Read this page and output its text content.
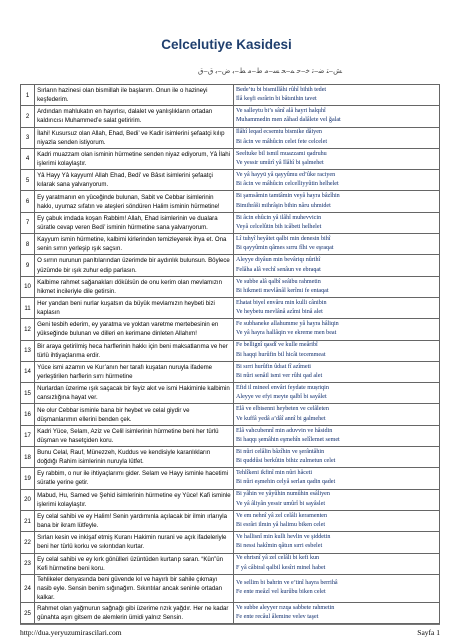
Celcelutiye Kasidesi
ﺶ‒ﺘ ﺿ‒ﺗ ﺧ‒ﺣ ﻤ‒ﺤ ﺴ‒ﻣ ﻁ‒ﻣ ﻂ‒ﺑ ﺽ‒ﺑ ﻕ‒ﻕ
1	Sırların hazinesi olan bismillah ile başlarım. Onun ile o hazineyi keşfederim.	Bede’tu bi bismillâhi rûhî bihih tedet
İlâ keşfi esrârin bi bâtınihin tavet

2	Ardından mahlukatın en hayırlısı, dalalet ve yanlışlıkların ortadan kaldırıcısı Muhammed’e salat getiririm.	Ve salleytu bi’s sânî alâ hayri halqıhî
Muhammedin men zâhad dalâlete vel ğalat

3	İlahi! Kusursuz olan Allah, Ehad, Bedi’ ve Kadir isimlerini şefaatçi kılıp niyazla senden istiyorum.	İlâhî leqad ecsemtu bismike dâiyen
Bi âcin ve mâhûcin celet fete celcelet

4	Kadri muazzam olan isminin hürmetine senden niyaz ediyorum, Yâ İlahi işlerimi kolaylaştır.	Seeltuke bil ismil muazzami qadruhu
Ve yessir umûrî yâ İlâhî bi şalmehet

5	Yâ Hayy Yâ kayyum! Allah Ehad, Bedi’ ve Bâsıt isimlerini şefaatçi kılarak sana yalvarıyorum.	Ve yâ hayyü yâ qayyûmu ed’ûke raciyen
Bi âcin ve mâhûcin celcelliyyûtin helhelet

6	Ey yaratmanın en yüceğinde bulunan, Sabit ve Cebbar isimlerinin hakkı, uyumaz sıfatın ve ateşleri söndüren Halim isminin hürmetine!	Bi şamsâmin tamtâmin veyâ hayra bâzîhin
Bimihrâši mihrâşin bihin nâru uhmidet

7	Ey çabuk imdada koşan Rabbim! Allah, Ehad isimlerinin ve dualara süratle cevap veren Bedi’ isminin hürmetine sana yalvarıyorum.	Bi âcin ehûcin yâ ilâhî muhevvicin
Veyâ celcelûtin bih icâbeti helhelet

8	Kayyum ismin hürmetine, kalbimi kirlerinden temizleyerek ihya et. Ona senin sırrın yerleşip ışık saçsın.	Lî tuhyî heyâtet qalbi min denesin bihî
Bi qayyûmin qâmes sırru fîhi ve eşraqat

9	O sırrın nurunun parıltılarından üzerimde bir aydınlık bulunsun. Böylece yüzümde bir ışık zuhur edip parlasın.	Aleyye diyâun min bevâriqı nûrihî
Felâha alâ vechî senâun ve ebraqat

10	Kalbime rahmet sağanakları dökülsün de onu kerim olan mevlamızın hikmet incileriyle dile getirsin.	Ve subbe alâ qalbî seâibu rahmetin
Bi hikmeti mevlânâl kerîmi fe entaqat

11	Her yandan beni nurlar kuşatsın da büyük mevlamızın heybeti bizi kaplasın	Ehatat biyel envâru min kulli cânibin
Ve heybetu mevlânâ azîmi binâ alet

12	Geni tesbih ederim, ey yaratma ve yoktan varetme mertebesinin en yükseğinde bulunan ve dilleri en kerimane dinleten Allahım!	Fe subhaneke allahumme yâ hayra hâliqin
Ve yâ hayra hallâqin ve ekreme men beat

13	Bir araya getirilmiş heca harflerinin hakkı için beni maksatlarıma ve her türlü ihtiyaçlarıma erdir.	Fe bellignî qasdî ve kulle meâribî
Bi haqqi hurûfin bil hicâi tecemmeat

14	Yüce ismi azamın ve Kur’anın her tarafı kuşatan nuruyla ifademe yerleştirilen harflerin sırrı hürmetine	Bi sırri hurûfin ûdıat fî azîmeti
Bi nûri senâil ismi ver rûhi qad alet

15	Nurlardan üzerime ışık saçacak bir feyiz akıt ve ismi Hakiminle kalbimin cansızlığına hayat ver.	Efid il mineel envâri feydate mușriqin
Aleyye ve efyi meyte qalbî bi sayâlet

16	Ne olur Cebbar isminle bana bir heybet ve celal giydir ve düşmanlarımın ellerini benden çek.	Elâ ve elbisenni heybeten ve celâleten
Ve kuffâ yedâ a’dâî annî bi galmehet

17	Kadri Yüce, Selam, Aziz ve Celil isimlerinin hürmetine beni her türlü düşman ve hasetçiden koru.	Elâ vahcubennî min aduvvin ve hâsidin
Bi haqqı şemâhin eşmehîn selîlemet semet

18	Bunu Celal, Rauf, Münezzeh, Kuddus ve kendisiyle karanlıkların doğdığı Rahim isimlerinin nuruyla lütfet.	Bi nûri celâlin bâzîhin ve şerântâhin
Bi quddûsi berkûtin bihiz zulmetun celet

19	Ey rabbim, o nur ile ihtiyaçlarımı gider. Selam ve Hayy isminle hacetimi süratle yerine getir.	Tehlîkeni ikfinî min nûri hâceti
Bi nûri eşmehin celyâ serlan qadin qadet

20	Mabud, Hu, Samed ve Şehid isimlerinin hürmetine ey Yüce! Kafi isminle işlerimi kolaylaştır.	Bi yâhin ve yâyûhin numûhin esâliyen
Ve yâ âliyân yessir umûrî bi sayâslet

21	Ey celal sahibi ve ey Halim! Senin yardımınla açılacak bir ilmin ırlarıyla bana bir ikram lütfeyle.	Ve em nehnî yâ zel celâli keramenten
Bi esrâri ilmin yâ halimu biken celet

22	Sırları kesin ve inkişaf etmiş Kuranı Hakimin nurani ve açık ifadeleriyle beni her türlü korku ve sıkıntıdan kurtar.	Ve hallisnî min kulli hevlin ve şiddetin
Bi nessi hakîmin qâtıın sırri esbelet

23	Ey celal sahibi ve ey kırk gönülleri üzüntüden kurtarıp saran. “Kün”ün Kefi hürmetine beni koru.	Ve ehrisnî yâ zel celâli bi kefi kun
F yâ câbiral qalbil kesîri minel habet

24	Tehlikeler denyasında beni güvende kıl ve hayırlı bir sahile çıkmayı nasib eyle. Sensin benim sığınağım. Sıkıntılar ancak seninle ortadan kalkar.	Ve sellim bi bahrin ve e’tinî hayra berrihâ
Fe ente meâzî vel kurûbu biken celet

25	Rahmet olan yağmurun sağnağı gibi üzerime rızık yağdır. Her ne kadar günahta aşırı gitsem de alemlerin ümidi yalnız Sensin.	Ve subbe aleyyer rızqa sabbete rahmetin
Fe ente recâul âlemine velev taşet
http://dua.yeryuzumirascilari.com	Sayfa 1
